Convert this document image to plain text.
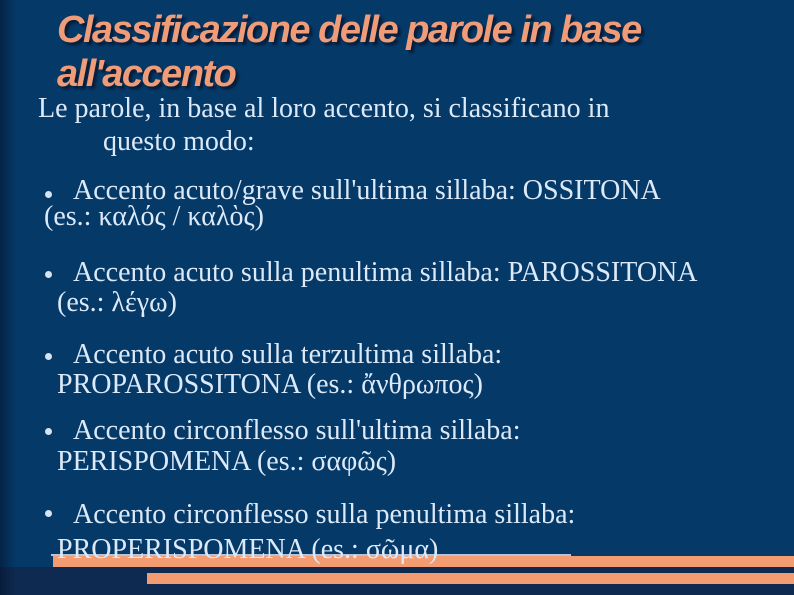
Classificazione delle parole in base
all'accento
Le parole, in base al loro accento, si classificano in
questo modo:
Accento acuto/grave sull'ultima sillaba: OSSITONA
(es.: καλός / καλὸς)
Accento acuto sulla penultima sillaba: PAROSSITONA
(es.: λέγω)
Accento acuto sulla terzultima sillaba:
PROPAROSSITONA (es.: ἄνθρωπος)
Accento circonflesso sull'ultima sillaba:
PERISPOMENA (es.: σαφῶς)
Accento circonflesso sulla penultima sillaba:
PROPERISPOMENA (es.: σῶμα)
